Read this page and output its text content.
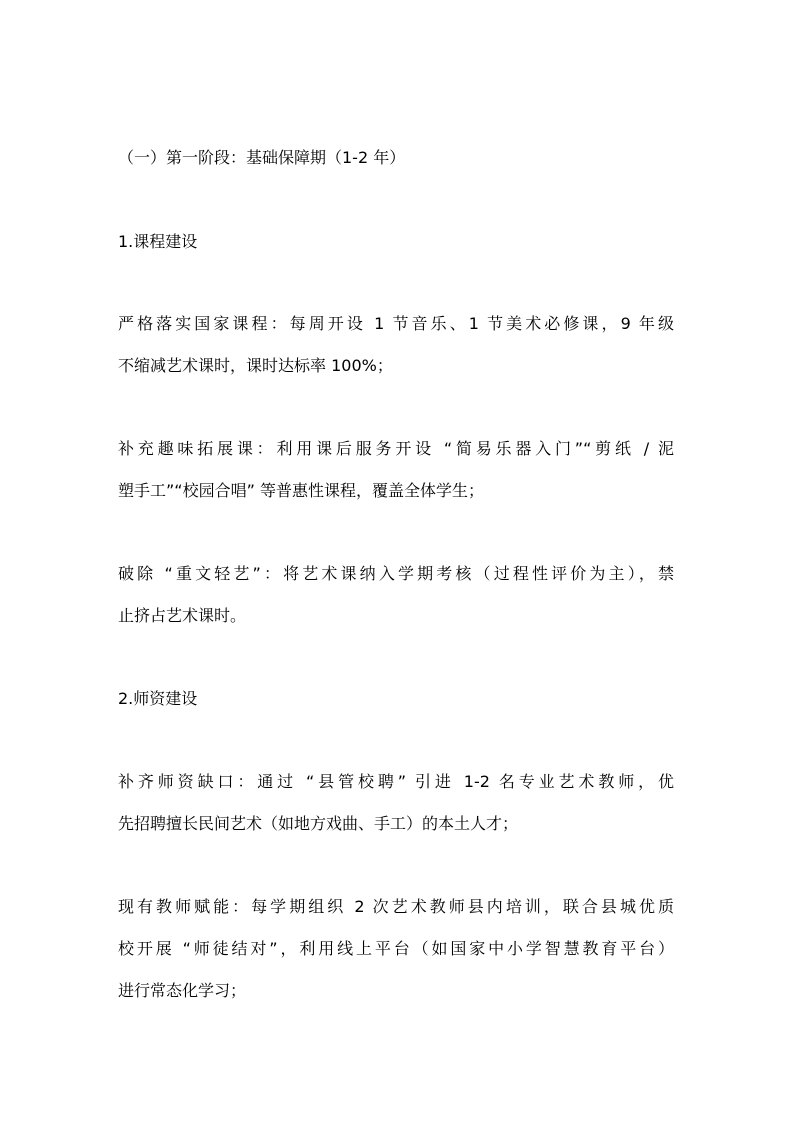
（一）第一阶段：基础保障期（1-2 年）
1.课程建设
严格落实国家课程：每周开设 1 节音乐、1 节美术必修课，9 年级
不缩减艺术课时，课时达标率 100%；
补充趣味拓展课：利用课后服务开设 “简易乐器入门”“剪纸 / 泥
塑手工”“校园合唱” 等普惠性课程，覆盖全体学生；
破除 “重文轻艺”：将艺术课纳入学期考核（过程性评价为主），禁
止挤占艺术课时。
2.师资建设
补齐师资缺口：通过 “县管校聘” 引进 1-2 名专业艺术教师，优
先招聘擅长民间艺术（如地方戏曲、手工）的本土人才；
现有教师赋能：每学期组织 2 次艺术教师县内培训，联合县城优质
校开展 “师徒结对”，利用线上平台（如国家中小学智慧教育平台）
进行常态化学习；
